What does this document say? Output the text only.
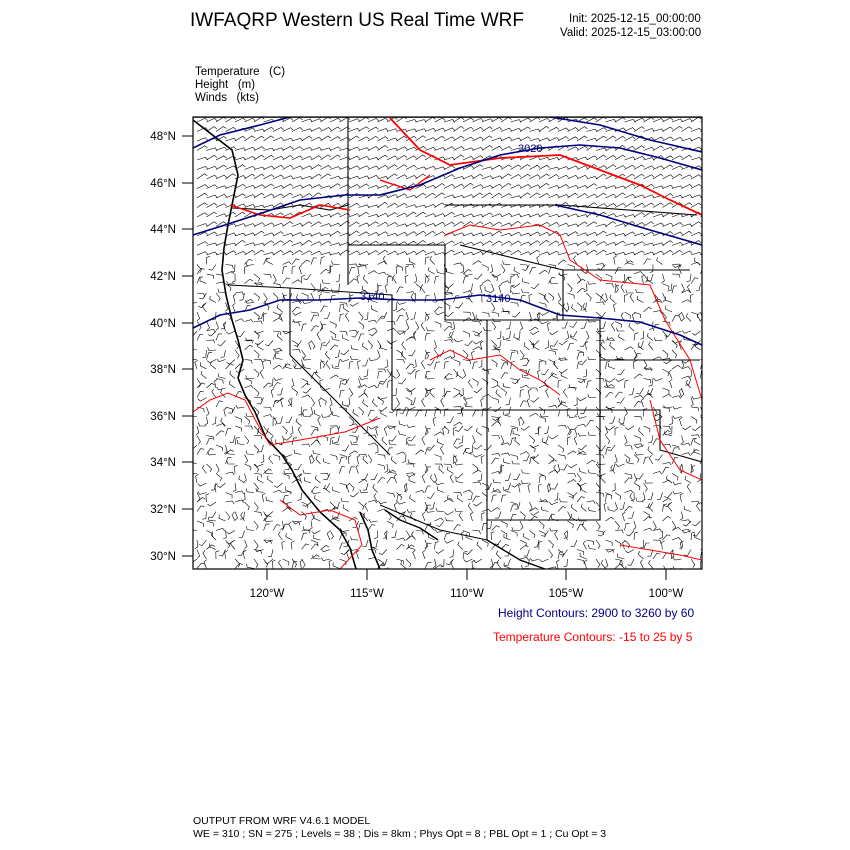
IWFAQRP Western US Real Time WRF	Init: 2025-12-15_00:00:00
Valid: 2025-12-15_03:00:00
Temperature (C)
Height (m)
Winds (kts)
3020
3140	3140
48°N
46°N
44°N
42°N
40°N
38°N
36°N
34°N
32°N
30°N
120°W	115°W	110°W	105°W	100°W
Height Contours: 2900 to 3260 by 60
Temperature Contours: -15 to 25 by 5
OUTPUT FROM WRF V4.6.1 MODEL
WE = 310 ; SN = 275 ; Levels = 38 ; Dis = 8km ; Phys Opt = 8 ; PBL Opt = 1 ; Cu Opt = 3
